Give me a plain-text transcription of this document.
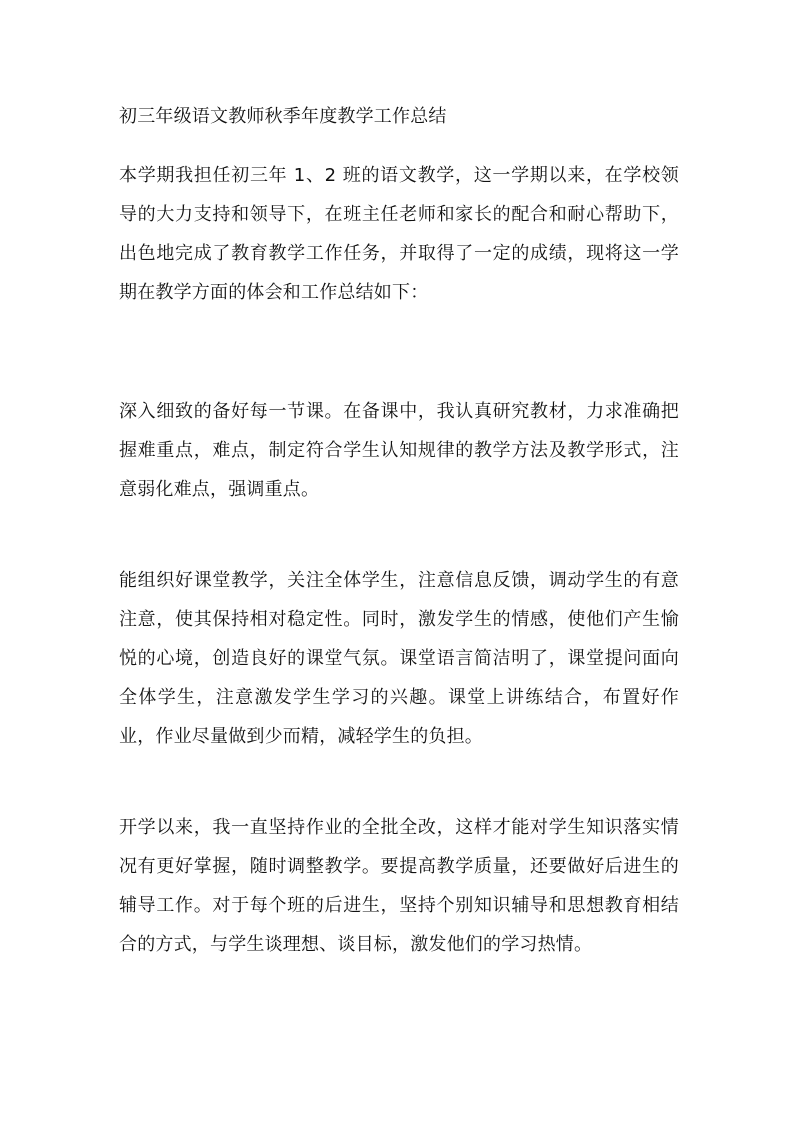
初三年级语文教师秋季年度教学工作总结
本学期我担任初三年 1、2 班的语文教学，这一学期以来，在学校领导的大力支持和领导下，在班主任老师和家长的配合和耐心帮助下，出色地完成了教育教学工作任务，并取得了一定的成绩，现将这一学期在教学方面的体会和工作总结如下：
深入细致的备好每一节课。在备课中，我认真研究教材，力求准确把握难重点，难点，制定符合学生认知规律的教学方法及教学形式，注意弱化难点，强调重点。
能组织好课堂教学，关注全体学生，注意信息反馈，调动学生的有意注意，使其保持相对稳定性。同时，激发学生的情感，使他们产生愉悦的心境，创造良好的课堂气氛。课堂语言简洁明了，课堂提问面向全体学生，注意激发学生学习的兴趣。课堂上讲练结合，布置好作业，作业尽量做到少而精，减轻学生的负担。
开学以来，我一直坚持作业的全批全改，这样才能对学生知识落实情况有更好掌握，随时调整教学。要提高教学质量，还要做好后进生的辅导工作。对于每个班的后进生，坚持个别知识辅导和思想教育相结合的方式，与学生谈理想、谈目标，激发他们的学习热情。
